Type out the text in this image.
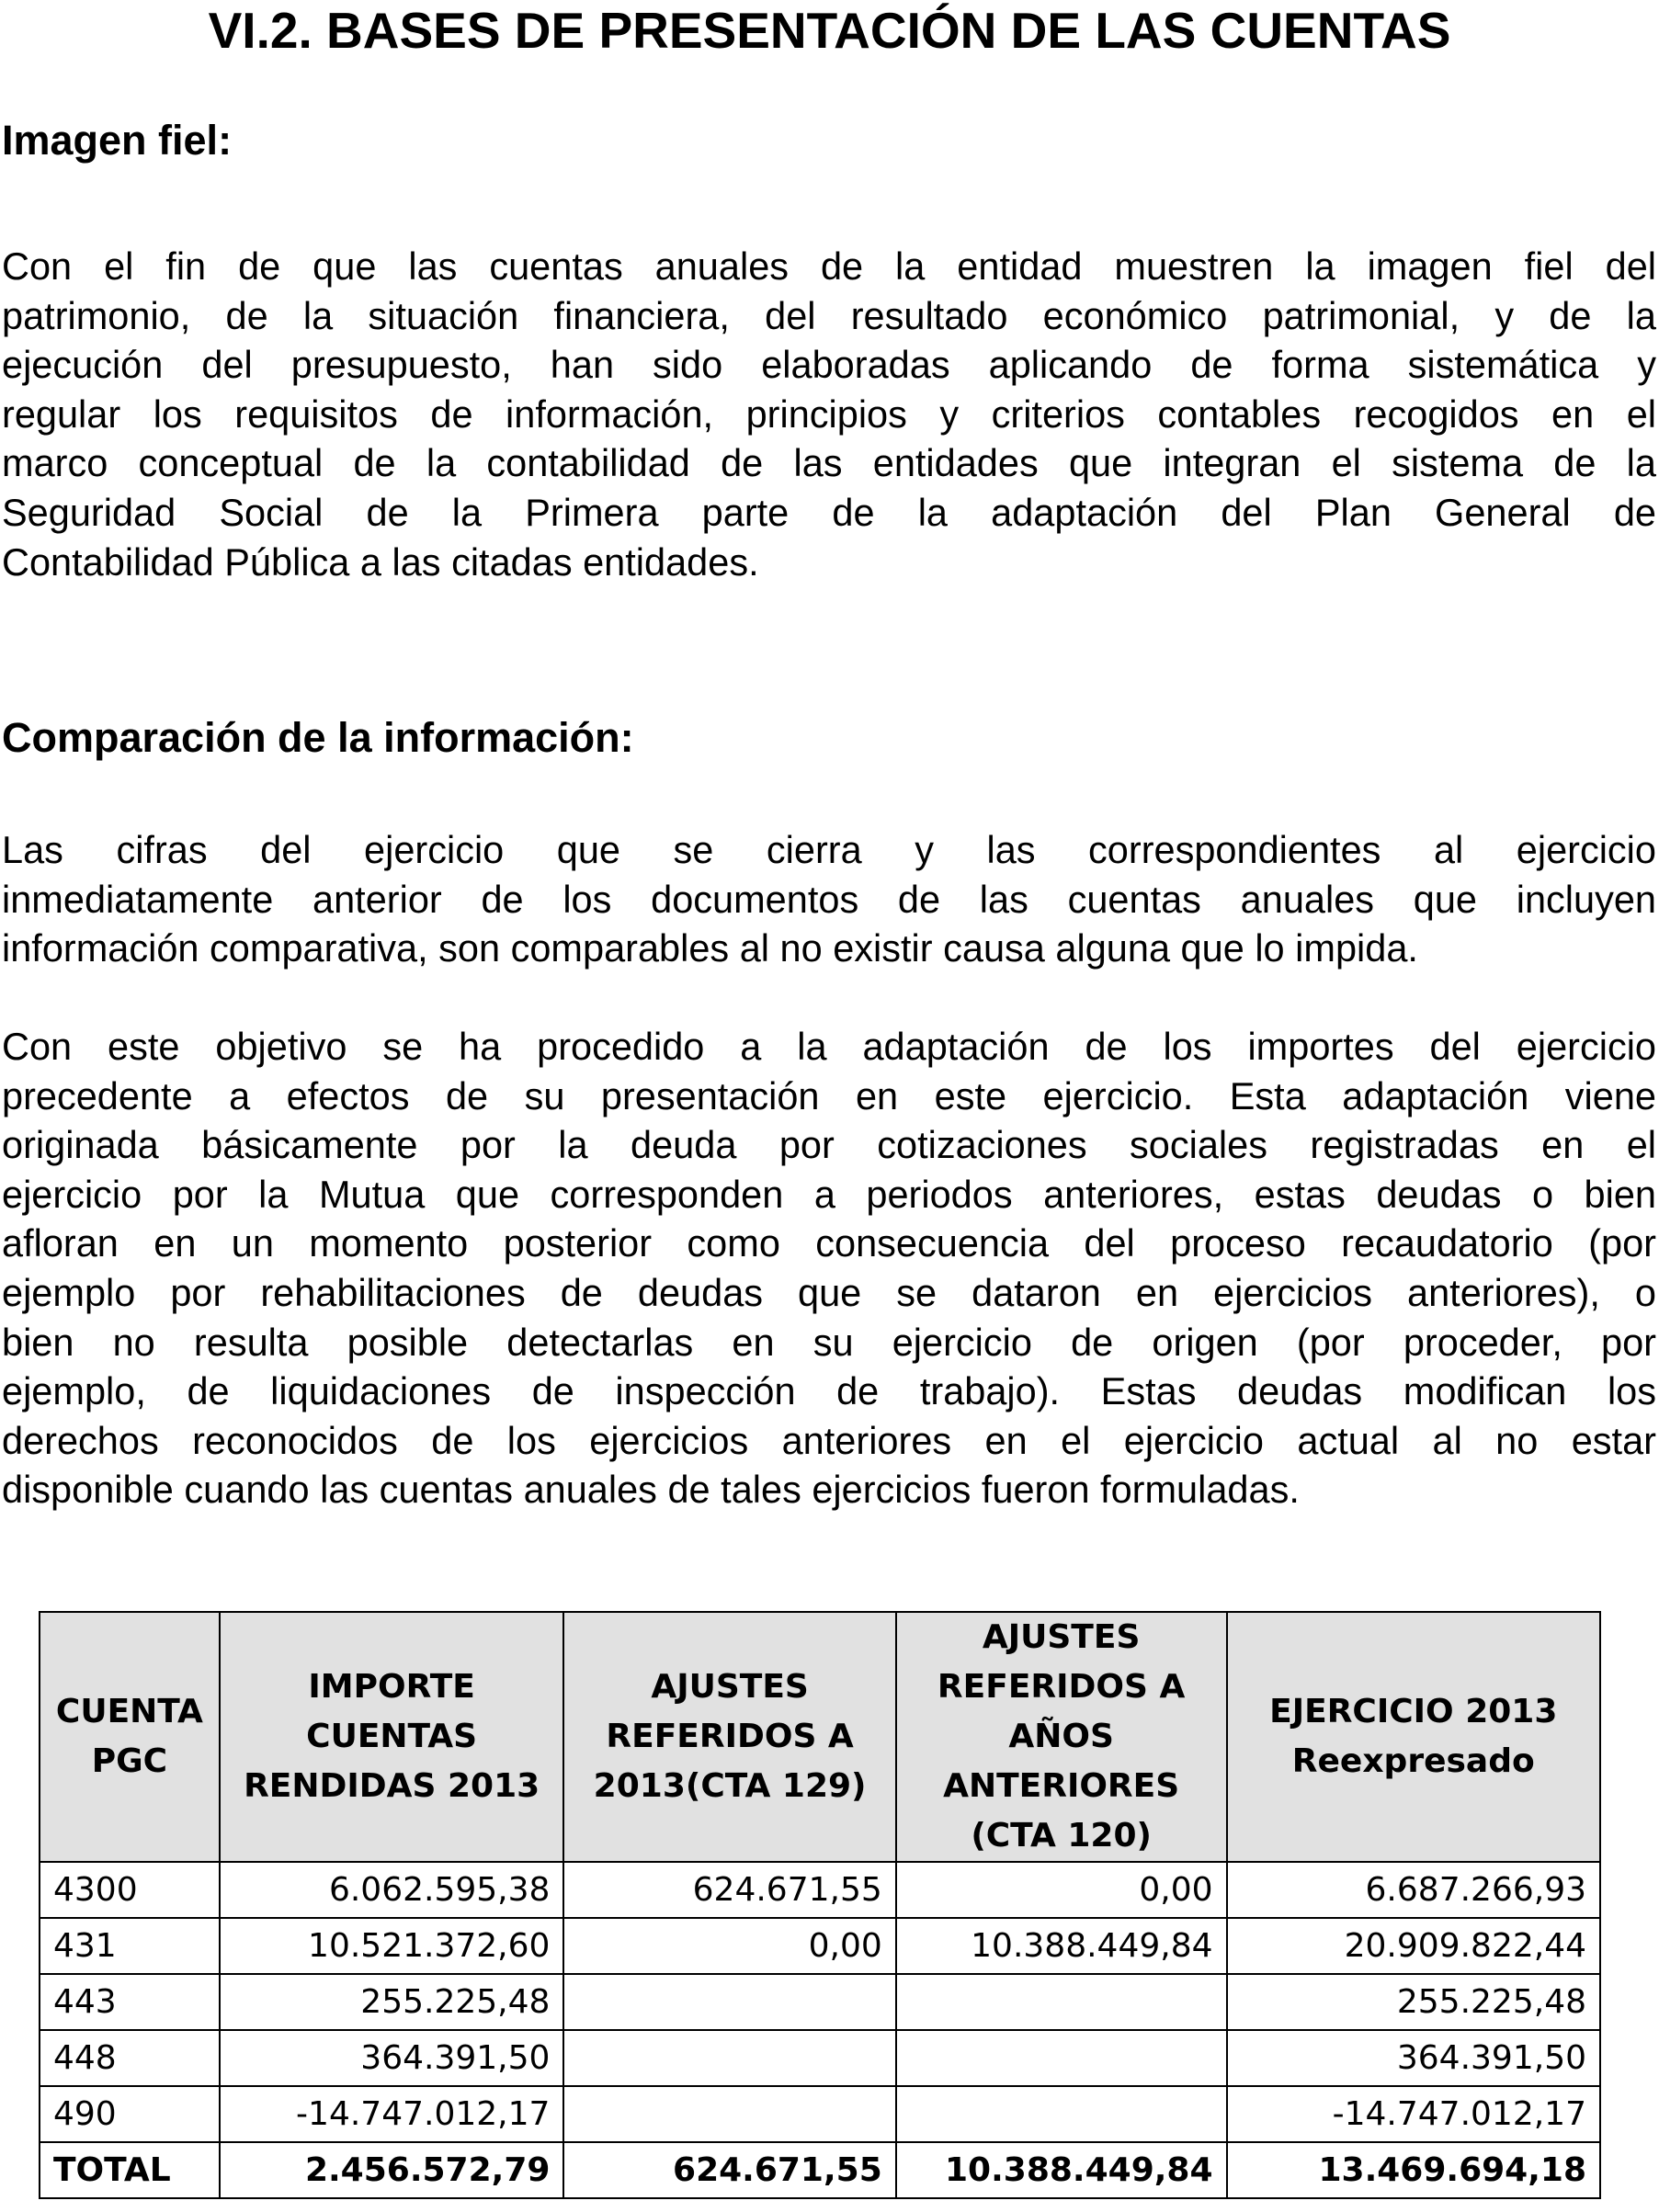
VI.2. BASES DE PRESENTACIÓN DE LAS CUENTAS
Imagen fiel:
Con el fin de que las cuentas anuales de la entidad muestren la imagen fiel del
patrimonio, de la situación financiera, del resultado económico patrimonial, y de la
ejecución del presupuesto, han sido elaboradas aplicando de forma sistemática y
regular los requisitos de información, principios y criterios contables recogidos en el
marco conceptual de la contabilidad de las entidades que integran el sistema de la
Seguridad Social de la Primera parte de la adaptación del Plan General de
Contabilidad Pública a las citadas entidades.
Comparación de la información:
Las cifras del ejercicio que se cierra y las correspondientes al ejercicio
inmediatamente anterior de los documentos de las cuentas anuales que incluyen
información comparativa, son comparables al no existir causa alguna que lo impida.
Con este objetivo se ha procedido a la adaptación de los importes del ejercicio
precedente a efectos de su presentación en este ejercicio. Esta adaptación viene
originada básicamente por la deuda por cotizaciones sociales registradas en el
ejercicio por la Mutua que corresponden a periodos anteriores, estas deudas o bien
afloran en un momento posterior como consecuencia del proceso recaudatorio (por
ejemplo por rehabilitaciones de deudas que se dataron en ejercicios anteriores), o
bien no resulta posible detectarlas en su ejercicio de origen (por proceder, por
ejemplo, de liquidaciones de inspección de trabajo). Estas deudas modifican los
derechos reconocidos de los ejercicios anteriores en el ejercicio actual al no estar
disponible cuando las cuentas anuales de tales ejercicios fueron formuladas.
CUENTA PGC	IMPORTE CUENTAS RENDIDAS 2013	AJUSTES REFERIDOS A 2013(CTA 129)	AJUSTES REFERIDOS A AÑOS ANTERIORES (CTA 120)	EJERCICIO 2013 Reexpresado
4300	6.062.595,38	624.671,55	0,00	6.687.266,93
431	10.521.372,60	0,00	10.388.449,84	20.909.822,44
443	255.225,48			255.225,48
448	364.391,50			364.391,50
490	-14.747.012,17			-14.747.012,17
TOTAL	2.456.572,79	624.671,55	10.388.449,84	13.469.694,18
